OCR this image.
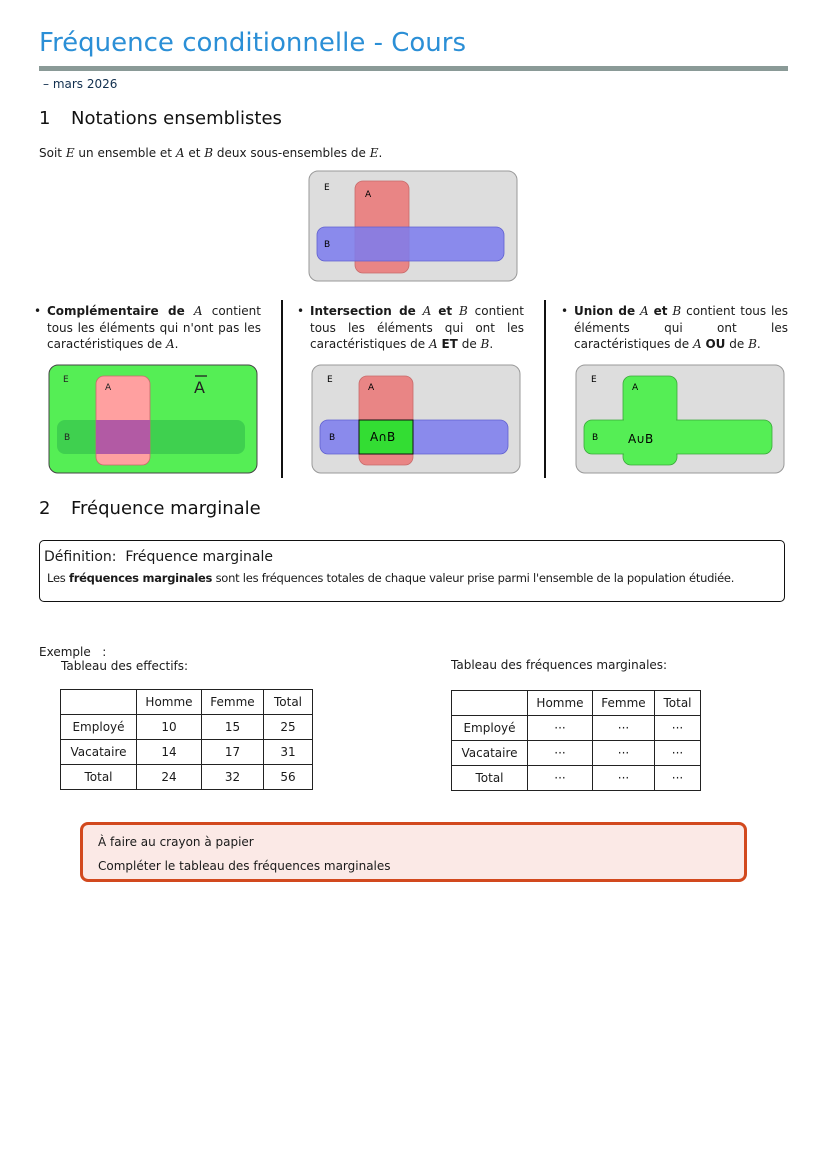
Fréquence conditionnelle - Cours
– mars 2026
1 Notations ensemblistes
Soit E un ensemble et A et B deux sous-ensembles de E.
E
A
B
• Complémentaire de A contient tous les éléments qui n'ont pas les caractéristiques de A.
E
A
B
A
• Intersection de A et B contient tous les éléments qui ont les caractéristiques de A ET de B.
E
A
B	A∩B
• Union de A et B contient tous les éléments qui ont les caractéristiques de A OU de B.
E
A
B A∪B
2 Fréquence marginale
Définition: Fréquence marginale
Les fréquences marginales sont les fréquences totales de chaque valeur prise parmi l'ensemble de la population étudiée.
Exemple :
Tableau des effectifs:	Tableau des fréquences marginales:
	Homme	Femme	Total
Employé	10	15	25
Vacataire	14	17	31
Total	24	32	56
	Homme	Femme	Total
Employé	···	···	···
Vacataire	···	···	···
Total	···	···	···
À faire au crayon à papier
Compléter le tableau des fréquences marginales
